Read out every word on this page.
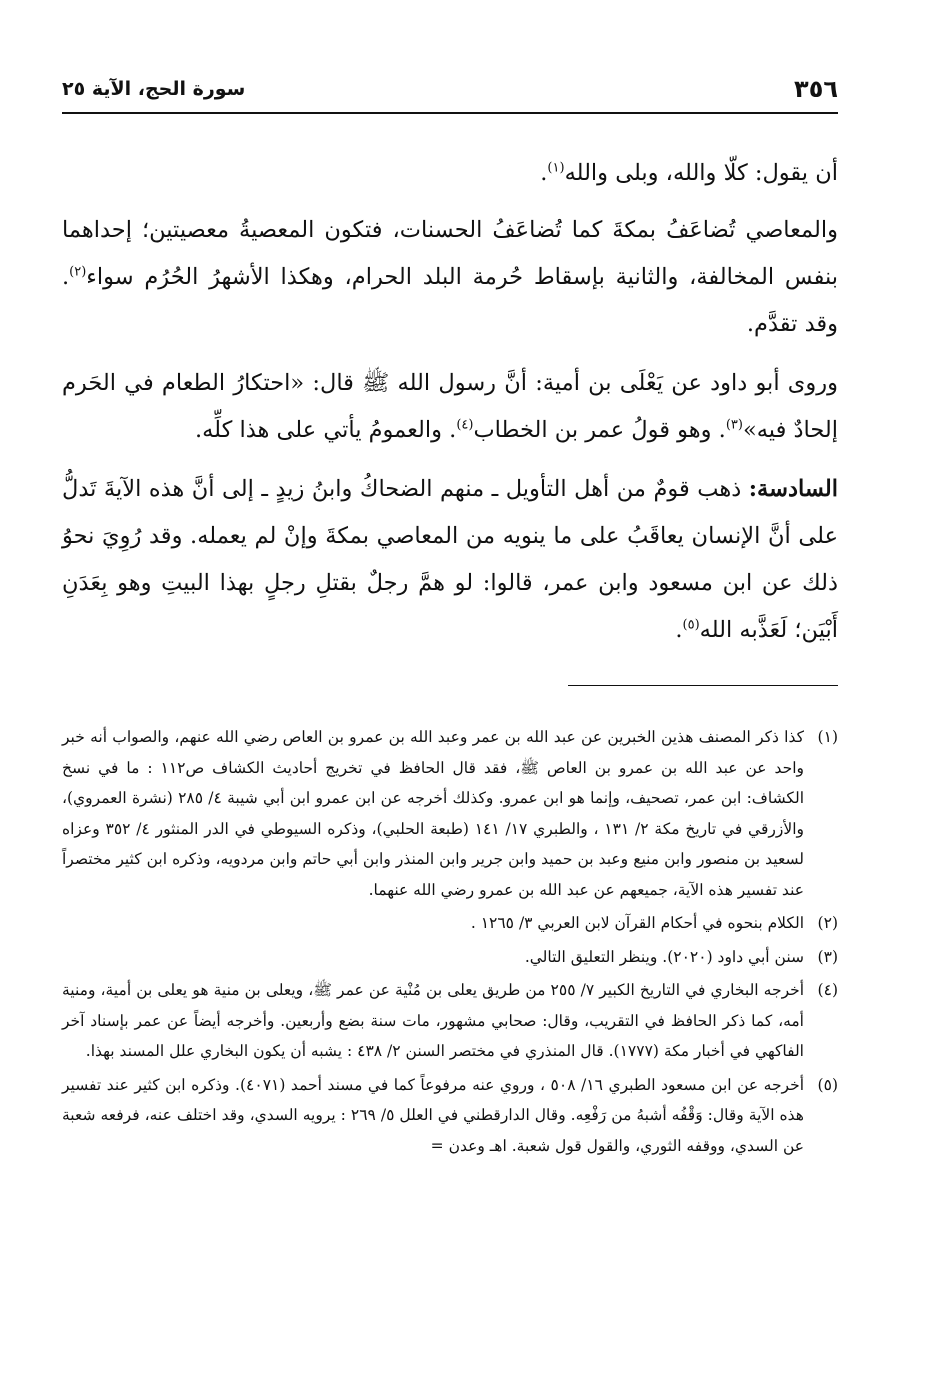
٣٥٦
سورة الحج، الآية ٢٥

أن يقول: كلّا والله، وبلى والله$^{(١)}$.

والمعاصي تُضاعَفُ بمكةَ كما تُضاعَفُ الحسنات، فتكون المعصيةُ معصيتين؛ إحداهما بنفس المخالفة، والثانية بإسقاط حُرمة البلد الحرام، وهكذا الأشهرُ الحُرُم سواء$^{(٢)}$. وقد تقدَّم.

وروى أبو داود عن يَعْلَى بن أمية: أنَّ رسول الله ﷺ قال: «احتكارُ الطعام في الحَرم إلحادٌ فيه»$^{(٣)}$. وهو قولُ عمر بن الخطاب$^{(٤)}$. والعمومُ يأتي على هذا كلِّه.

السادسة: ذهب قومٌ من أهل التأويل ـ منهم الضحاكُ وابنُ زيدٍ ـ إلى أنَّ هذه الآيةَ تَدلُّ على أنَّ الإنسان يعاقَبُ على ما ينويه من المعاصي بمكةَ وإنْ لم يعمله. وقد رُوِيَ نحوُ ذلك عن ابن مسعود وابن عمر، قالوا: لو همَّ رجلٌ بقتلِ رجلٍ بهذا البيتِ وهو بِعَدَنِ أَبْيَن؛ لَعَذَّبه الله$^{(٥)}$.

(١)
كذا ذكر المصنف هذين الخبرين عن عبد الله بن عمر وعبد الله بن عمرو بن العاص رضي الله عنهم، والصواب أنه خبر واحد عن عبد الله بن عمرو بن العاص ﷺ، فقد قال الحافظ في تخريج أحاديث الكشاف ص١١٢ : ما في نسخ الكشاف: ابن عمر، تصحيف، وإنما هو ابن عمرو. وكذلك أخرجه عن ابن عمرو ابن أبي شيبة ٤/ ٢٨٥ (نشرة العمروي)، والأزرقي في تاريخ مكة ٢/ ١٣١ ، والطبري ١٧/ ١٤١ (طبعة الحلبي)، وذكره السيوطي في الدر المنثور ٤/ ٣٥٢ وعزاه لسعيد بن منصور وابن منيع وعبد بن حميد وابن جرير وابن المنذر وابن أبي حاتم وابن مردويه، وذكره ابن كثير مختصراً عند تفسير هذه الآية، جميعهم عن عبد الله بن عمرو رضي الله عنهما.
(٢)
الكلام بنحوه في أحكام القرآن لابن العربي ٣/ ١٢٦٥ .
(٣)
سنن أبي داود (٢٠٢٠). وينظر التعليق التالي.
(٤)
أخرجه البخاري في التاريخ الكبير ٧/ ٢٥٥ من طريق يعلى بن مُنْية عن عمر ﷺ، ويعلى بن منية هو يعلى بن أمية، ومنية أمه، كما ذكر الحافظ في التقريب، وقال: صحابي مشهور، مات سنة بضع وأربعين. وأخرجه أيضاً عن عمر بإسناد آخر الفاكهي في أخبار مكة (١٧٧٧). قال المنذري في مختصر السنن ٢/ ٤٣٨ : يشبه أن يكون البخاري علل المسند بهذا.
(٥)
أخرجه عن ابن مسعود الطبري ١٦/ ٥٠٨ ، وروي عنه مرفوعاً كما في مسند أحمد (٤٠٧١). وذكره ابن كثير عند تفسير هذه الآية وقال: وَقْفُه أشبهُ من رَفْعِه. وقال الدارقطني في العلل ٥/ ٢٦٩ : يرويه السدي، وقد اختلف عنه، فرفعه شعبة عن السدي، ووقفه الثوري، والقول قول شعبة. اهـ وعدن =
